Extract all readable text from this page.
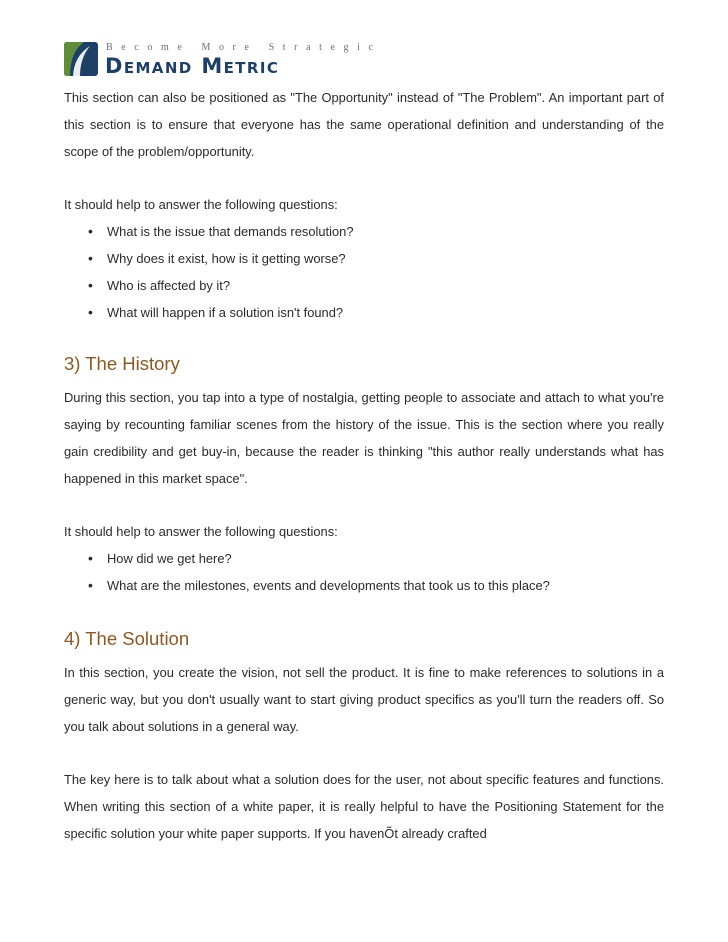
Become More Strategic
Demand Metric

This section can also be positioned as "The Opportunity" instead of "The Problem". An important part of this section is to ensure that everyone has the same operational definition and understanding of the scope of the problem/opportunity.

It should help to answer the following questions:

• What is the issue that demands resolution?
• Why does it exist, how is it getting worse?
• Who is affected by it?
• What will happen if a solution isn't found?
3) The History

During this section, you tap into a type of nostalgia, getting people to associate and attach to what you're saying by recounting familiar scenes from the history of the issue. This is the section where you really gain credibility and get buy-in, because the reader is thinking "this author really understands what has happened in this market space".

It should help to answer the following questions:

• How did we get here?
• What are the milestones, events and developments that took us to this place?
4) The Solution

In this section, you create the vision, not sell the product. It is fine to make references to solutions in a generic way, but you don't usually want to start giving product specifics as you'll turn the readers off. So you talk about solutions in a general way.

The key here is to talk about what a solution does for the user, not about specific features and functions. When writing this section of a white paper, it is really helpful to have the Positioning Statement for the specific solution your white paper supports. If you havenÕt already crafted
